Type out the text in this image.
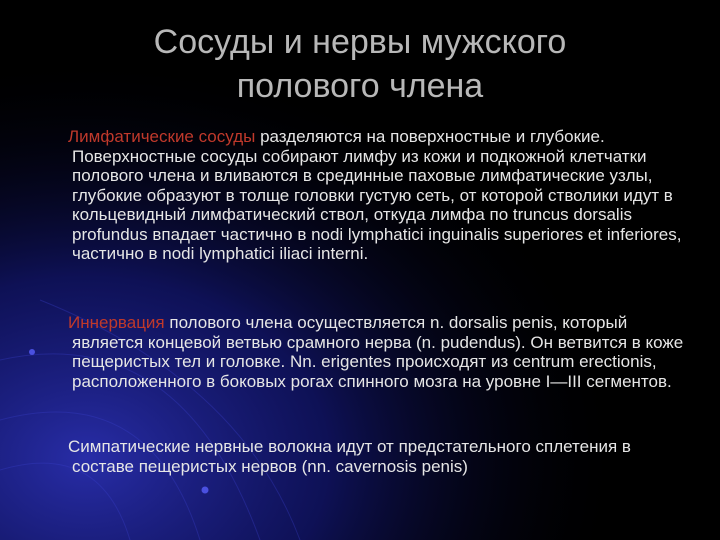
Сосуды и нервы мужского
полового члена

Лимфатические сосуды разделяются на поверхностные и глубокие. Поверхностные сосуды собирают лимфу из кожи и подкожной клетчатки полового члена и вливаются в срединные паховые лимфатические узлы, глубокие образуют в толще головки густую сеть, от которой стволики идут в кольцевидный лимфатический ствол, откуда лимфа по truncus dorsalis profundus впадает частично в nodi lymphatici inguinalis superiores et inferiores, частично в nodi lymphatici iliaci interni.

Иннервация полового члена осуществляется n. dorsalis penis, который является концевой ветвью срамного нерва (n. pudendus). Он ветвится в коже пещеристых тел и головке. Nn. erigentes происходят из centrum erectionis, расположенного в боковых рогах спинного мозга на уровне I—III сегментов.

Симпатические нервные волокна идут от предстательного сплетения в составе пещеристых нервов (nn. cavernosis penis)
